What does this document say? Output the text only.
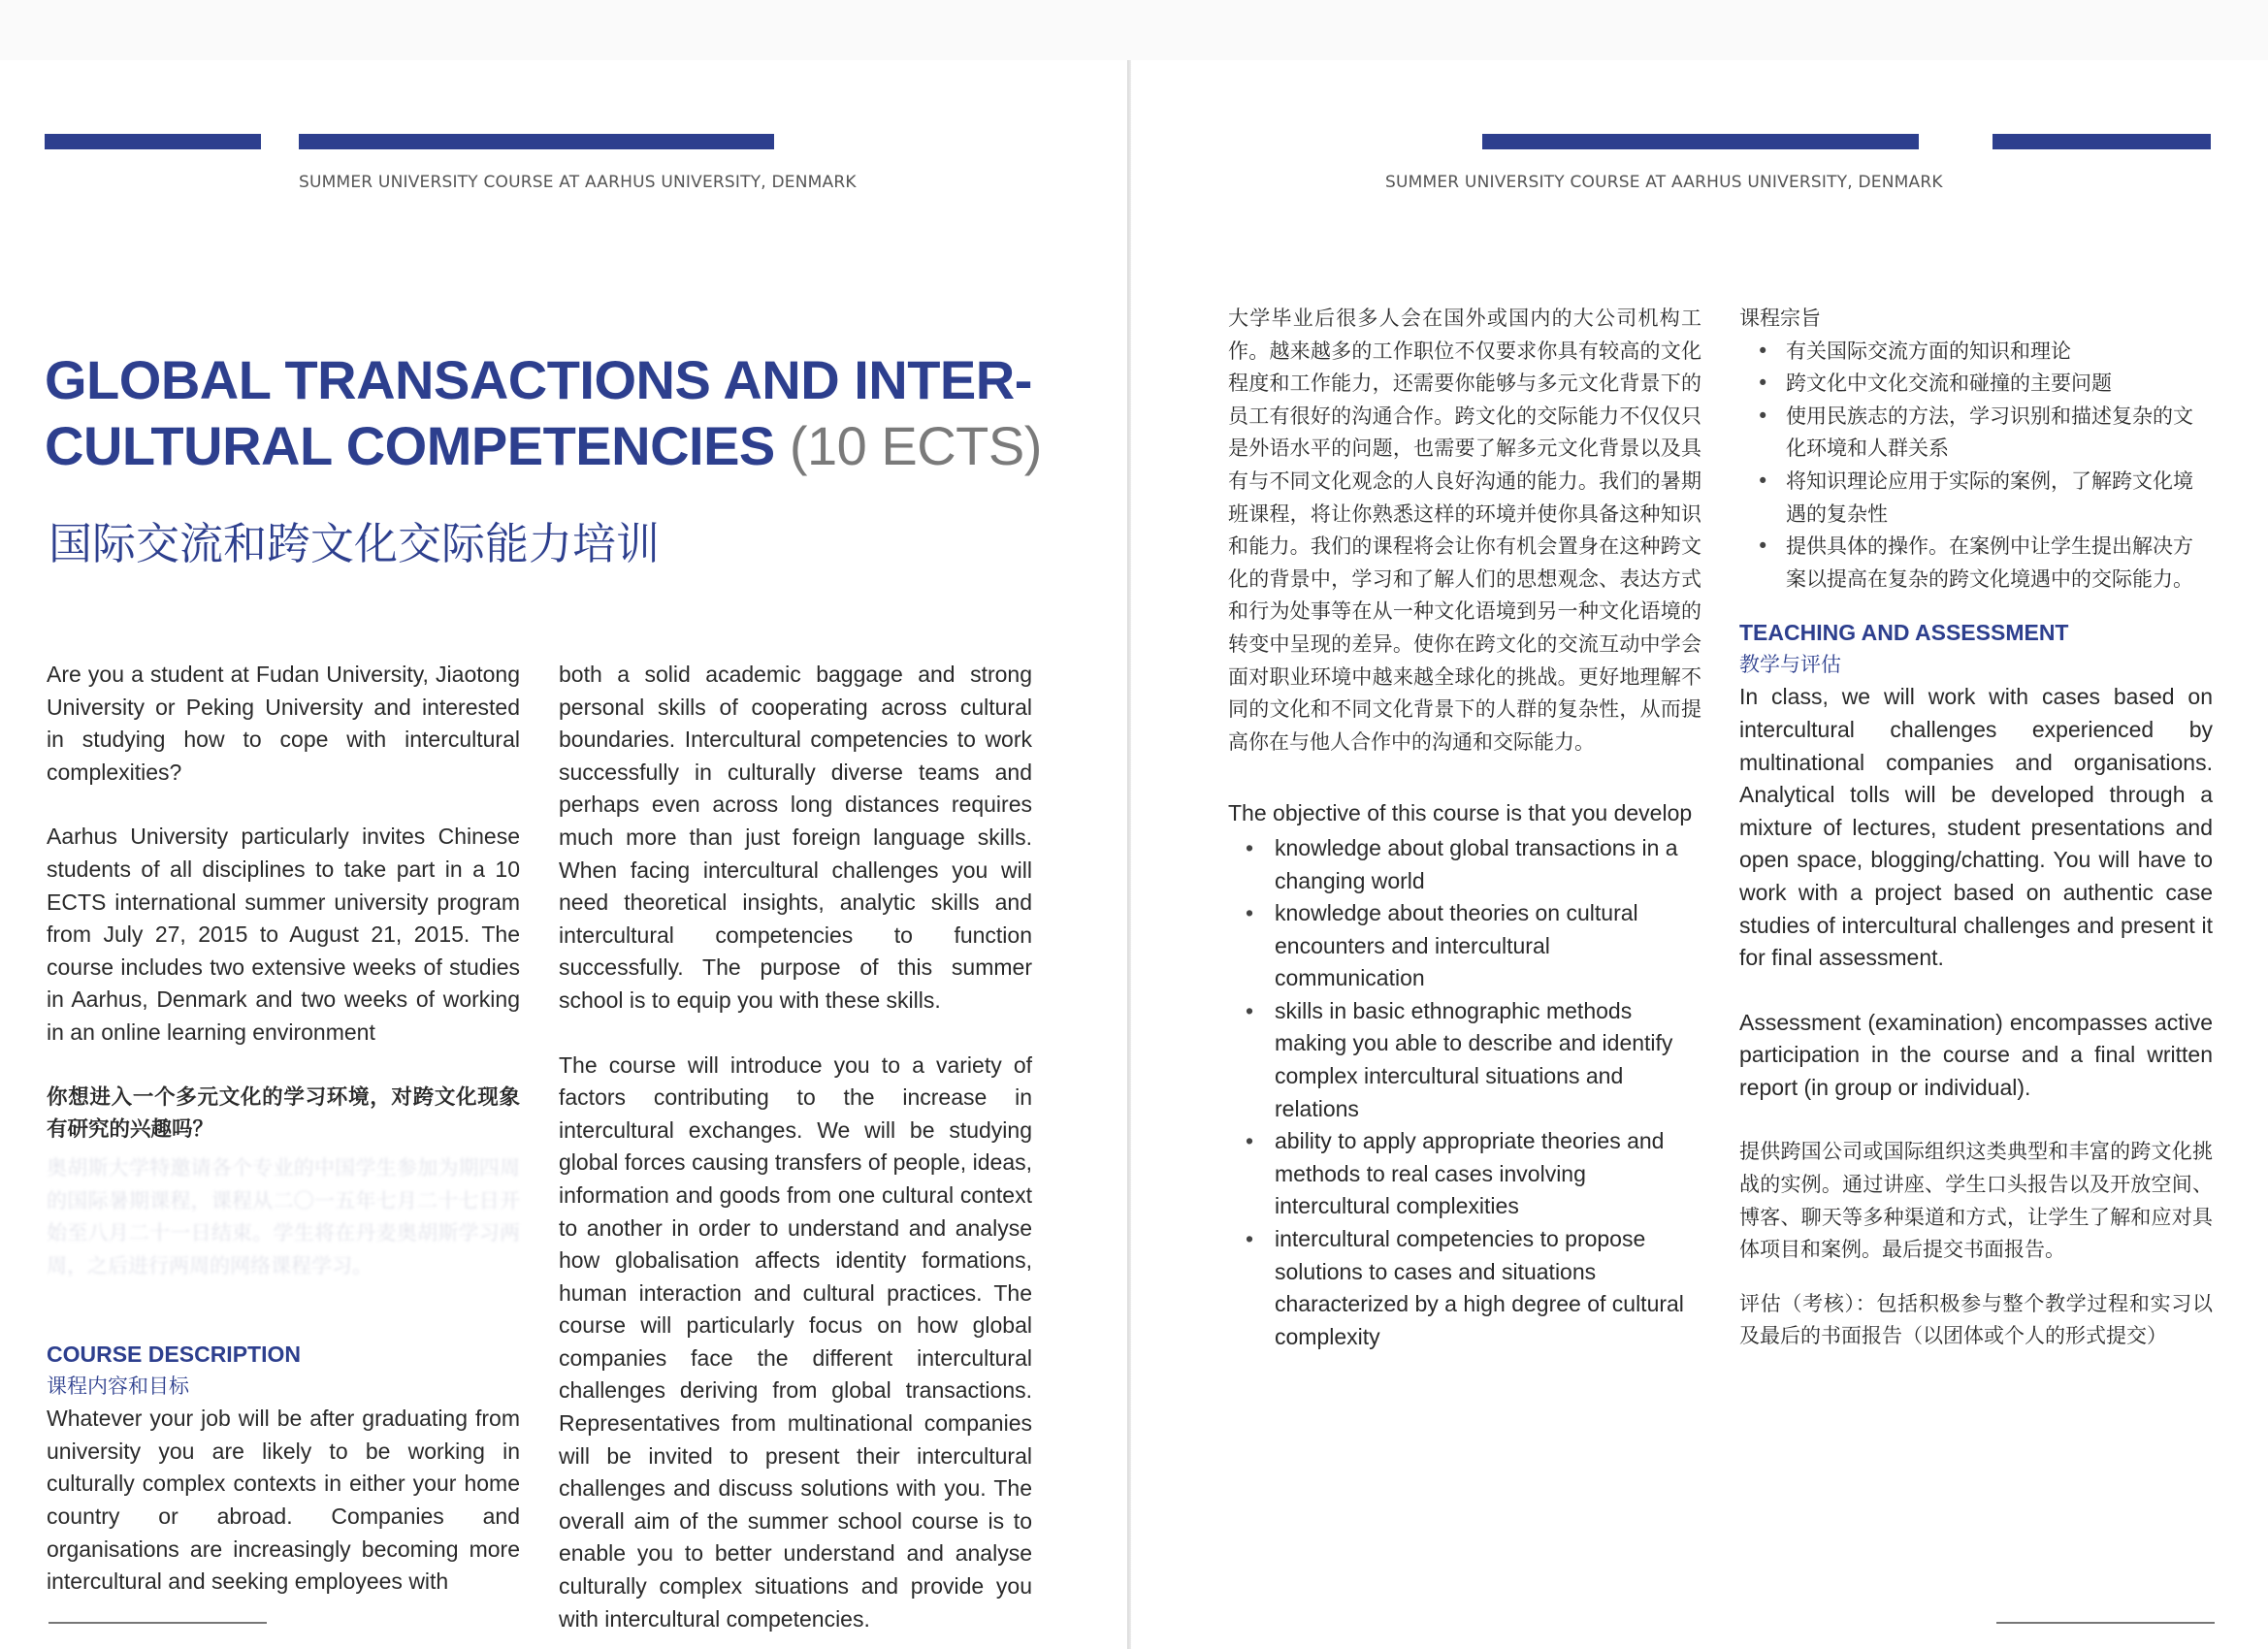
SUMMER UNIVERSITY COURSE AT AARHUS UNIVERSITY, DENMARK
GLOBAL TRANSACTIONS AND INTER-
CULTURAL COMPETENCIES (10 ECTS)
国际交流和跨文化交际能力培训

Are you a student at Fudan University, Jiaotong University or Peking University and interested in studying how to cope with intercultural complexities?

Aarhus University particularly invites Chinese students of all disciplines to take part in a 10 ECTS international summer university program from July 27, 2015 to August 21, 2015. The course includes two extensive weeks of studies in Aarhus, Denmark and two weeks of working in an online learning environment

你想进入一个多元文化的学习环境，对跨文化现象有研究的兴趣吗？

奥胡斯大学特邀请各个专业的中国学生参加为期四周的国际暑期课程，课程从二〇一五年七月二十七日开始至八月二十一日结束。学生将在丹麦奥胡斯学习两周，之后进行两周的网络课程学习。

COURSE DESCRIPTION
课程内容和目标

Whatever your job will be after graduating from university you are likely to be working in culturally complex contexts in either your home country or abroad. Companies and organisations are increasingly becoming more intercultural and seeking employees with

both a solid academic baggage and strong personal skills of cooperating across cultural boundaries. Intercultural competencies to work successfully in culturally diverse teams and perhaps even across long distances requires much more than just foreign language skills. When facing intercultural challenges you will need theoretical insights, analytic skills and intercultural competencies to function successfully. The purpose of this summer school is to equip you with these skills.

The course will introduce you to a variety of factors contributing to the increase in intercultural exchanges. We will be studying global forces causing transfers of people, ideas, information and goods from one cultural context to another in order to understand and analyse how globalisation affects identity formations, human interaction and cultural practices. The course will particularly focus on how global companies face the different intercultural challenges deriving from global transactions. Representatives from multinational companies will be invited to present their intercultural challenges and discuss solutions with you. The overall aim of the summer school course is to enable you to better understand and analyse culturally complex situations and provide you with intercultural competencies.

SUMMER UNIVERSITY COURSE AT AARHUS UNIVERSITY, DENMARK

大学毕业后很多人会在国外或国内的大公司机构工作。越来越多的工作职位不仅要求你具有较高的文化程度和工作能力，还需要你能够与多元文化背景下的员工有很好的沟通合作。跨文化的交际能力不仅仅只是外语水平的问题，也需要了解多元文化背景以及具有与不同文化观念的人良好沟通的能力。我们的暑期班课程，将让你熟悉这样的环境并使你具备这种知识和能力。我们的课程将会让你有机会置身在这种跨文化的背景中，学习和了解人们的思想观念、表达方式和行为处事等在从一种文化语境到另一种文化语境的转变中呈现的差异。使你在跨文化的交流互动中学会面对职业环境中越来越全球化的挑战。更好地理解不同的文化和不同文化背景下的人群的复杂性，从而提高你在与他人合作中的沟通和交际能力。

The objective of this course is that you develop

• knowledge about global transactions in a changing world
• knowledge about theories on cultural encounters and intercultural communication
• skills in basic ethnographic methods making you able to describe and identify complex intercultural situations and relations
• ability to apply appropriate theories and methods to real cases involving intercultural complexities
• intercultural competencies to propose solutions to cases and situations characterized by a high degree of cultural complexity
课程宗旨
• 有关国际交流方面的知识和理论
• 跨文化中文化交流和碰撞的主要问题
• 使用民族志的方法，学习识别和描述复杂的文化环境和人群关系
• 将知识理论应用于实际的案例，了解跨文化境遇的复杂性
• 提供具体的操作。在案例中让学生提出解决方案以提高在复杂的跨文化境遇中的交际能力。
TEACHING AND ASSESSMENT
教学与评估

In class, we will work with cases based on intercultural challenges experienced by multinational companies and organisations. Analytical tolls will be developed through a mixture of lectures, student presentations and open space, blogging/chatting. You will have to work with a project based on authentic case studies of intercultural challenges and present it for final assessment.

Assessment (examination) encompasses active participation in the course and a final written report (in group or individual).

提供跨国公司或国际组织这类典型和丰富的跨文化挑战的实例。通过讲座、学生口头报告以及开放空间、博客、聊天等多种渠道和方式，让学生了解和应对具体项目和案例。最后提交书面报告。

评估（考核）：包括积极参与整个教学过程和实习以及最后的书面报告（以团体或个人的形式提交）
